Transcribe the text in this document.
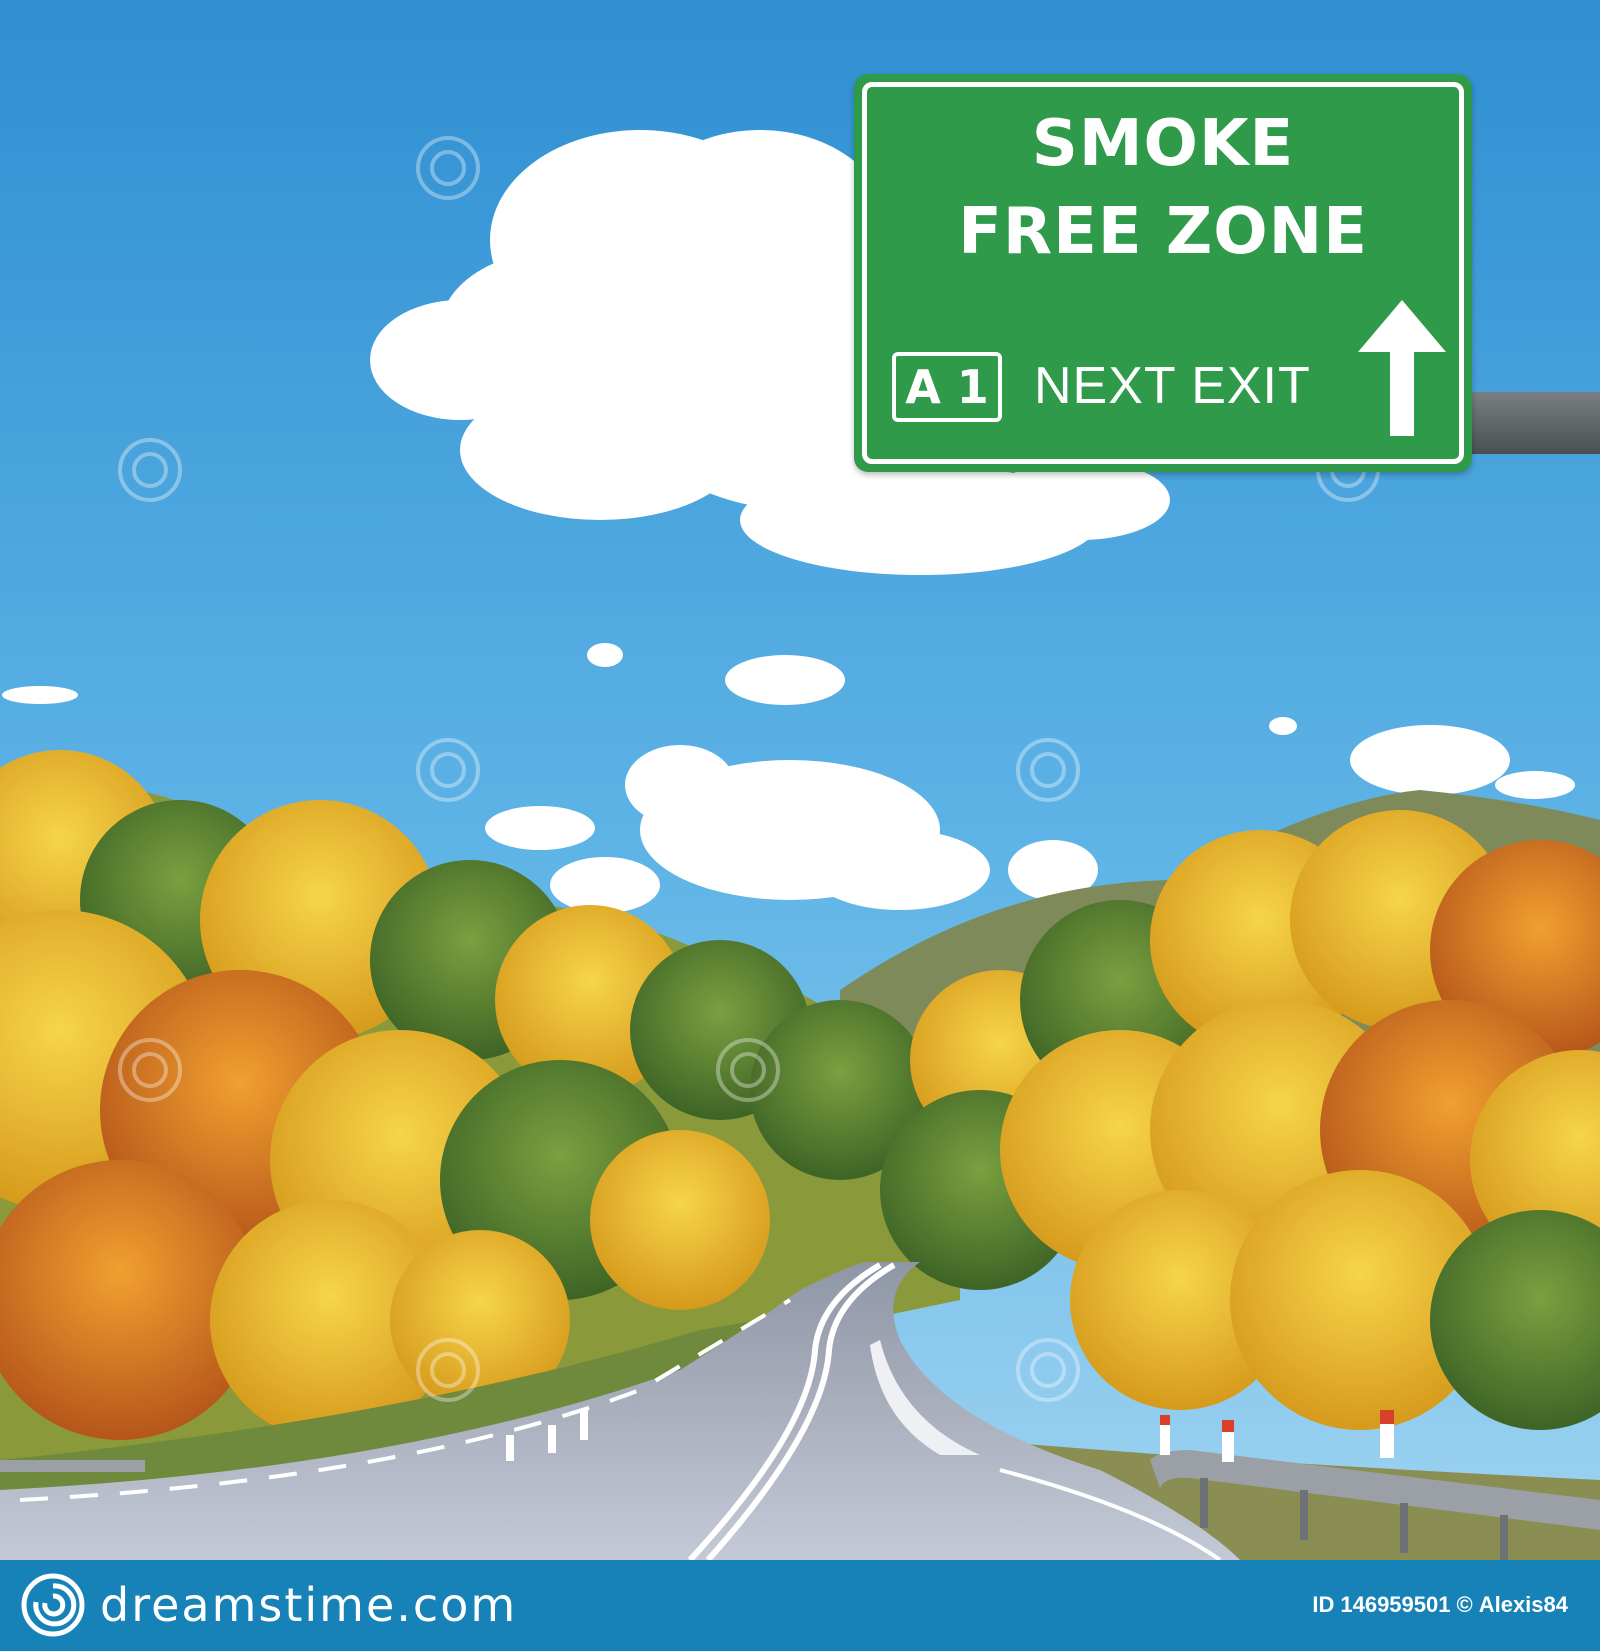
SMOKE
FREE ZONE
A 1 NEXT EXIT
dreamstime.com	ID 146959501 © Alexis84
